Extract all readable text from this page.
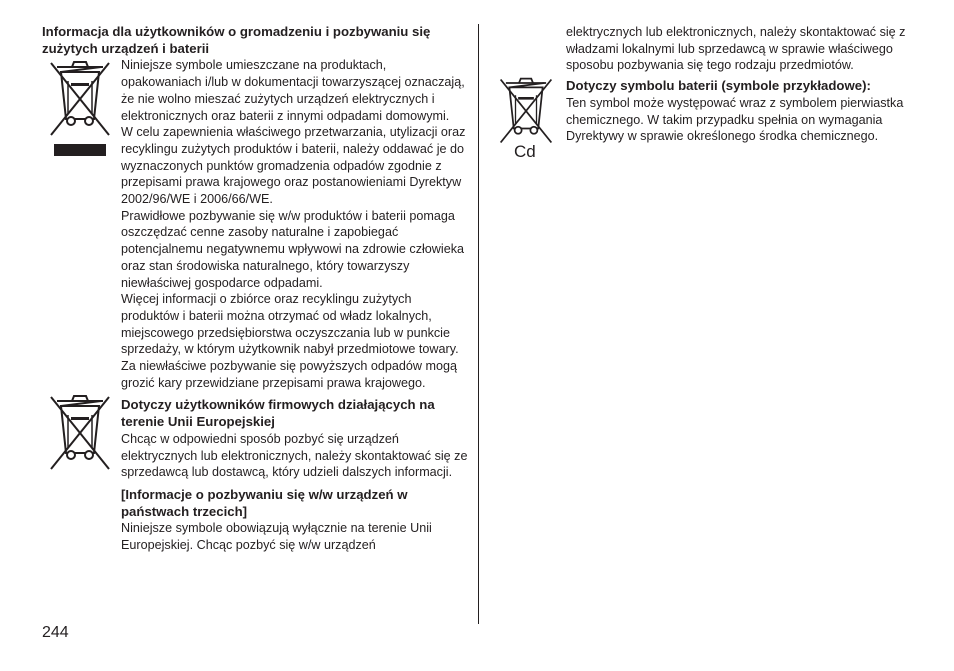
Informacja dla użytkowników o gromadzeniu i pozbywaniu się zużytych urządzeń i baterii
Niniejsze symbole umieszczane na produktach, opakowaniach i/lub w dokumentacji towarzyszącej oznaczają, że nie wolno mieszać zużytych urządzeń elektrycznych i elektronicznych oraz baterii z innymi odpadami domowymi.
W celu zapewnienia właściwego przetwarzania, utylizacji oraz recyklingu zużytych produktów i baterii, należy oddawać je do wyznaczonych punktów gromadzenia odpadów zgodnie z przepisami prawa krajowego oraz postanowieniami Dyrektyw 2002/96/WE i 2006/66/WE.
Prawidłowe pozbywanie się w/w produktów i baterii pomaga oszczędzać cenne zasoby naturalne i zapobiegać potencjalnemu negatywnemu wpływowi na zdrowie człowieka oraz stan środowiska naturalnego, który towarzyszy niewłaściwej gospodarce odpadami.
Więcej informacji o zbiórce oraz recyklingu zużytych produktów i baterii można otrzymać od władz lokalnych, miejscowego przedsiębiorstwa oczyszczania lub w punkcie sprzedaży, w którym użytkownik nabył przedmiotowe towary.
Za niewłaściwe pozbywanie się powyższych odpadów mogą grozić kary przewidziane przepisami prawa krajowego.
Dotyczy użytkowników firmowych działających na terenie Unii Europejskiej
Chcąc w odpowiedni sposób pozbyć się urządzeń elektrycznych lub elektronicznych, należy skontaktować się ze sprzedawcą lub dostawcą, który udzieli dalszych informacji.
[Informacje o pozbywaniu się w/w urządzeń w państwach trzecich]
Niniejsze symbole obowiązują wyłącznie na terenie Unii Europejskiej. Chcąc pozbyć się w/w urządzeń
elektrycznych lub elektronicznych, należy skontaktować się z władzami lokalnymi lub sprzedawcą w sprawie właściwego sposobu pozbywania się tego rodzaju przedmiotów.
Cd
Dotyczy symbolu baterii (symbole przykładowe):
Ten symbol może występować wraz z symbolem pierwiastka chemicznego. W takim przypadku spełnia on wymagania Dyrektywy w sprawie określonego środka chemicznego.
244
